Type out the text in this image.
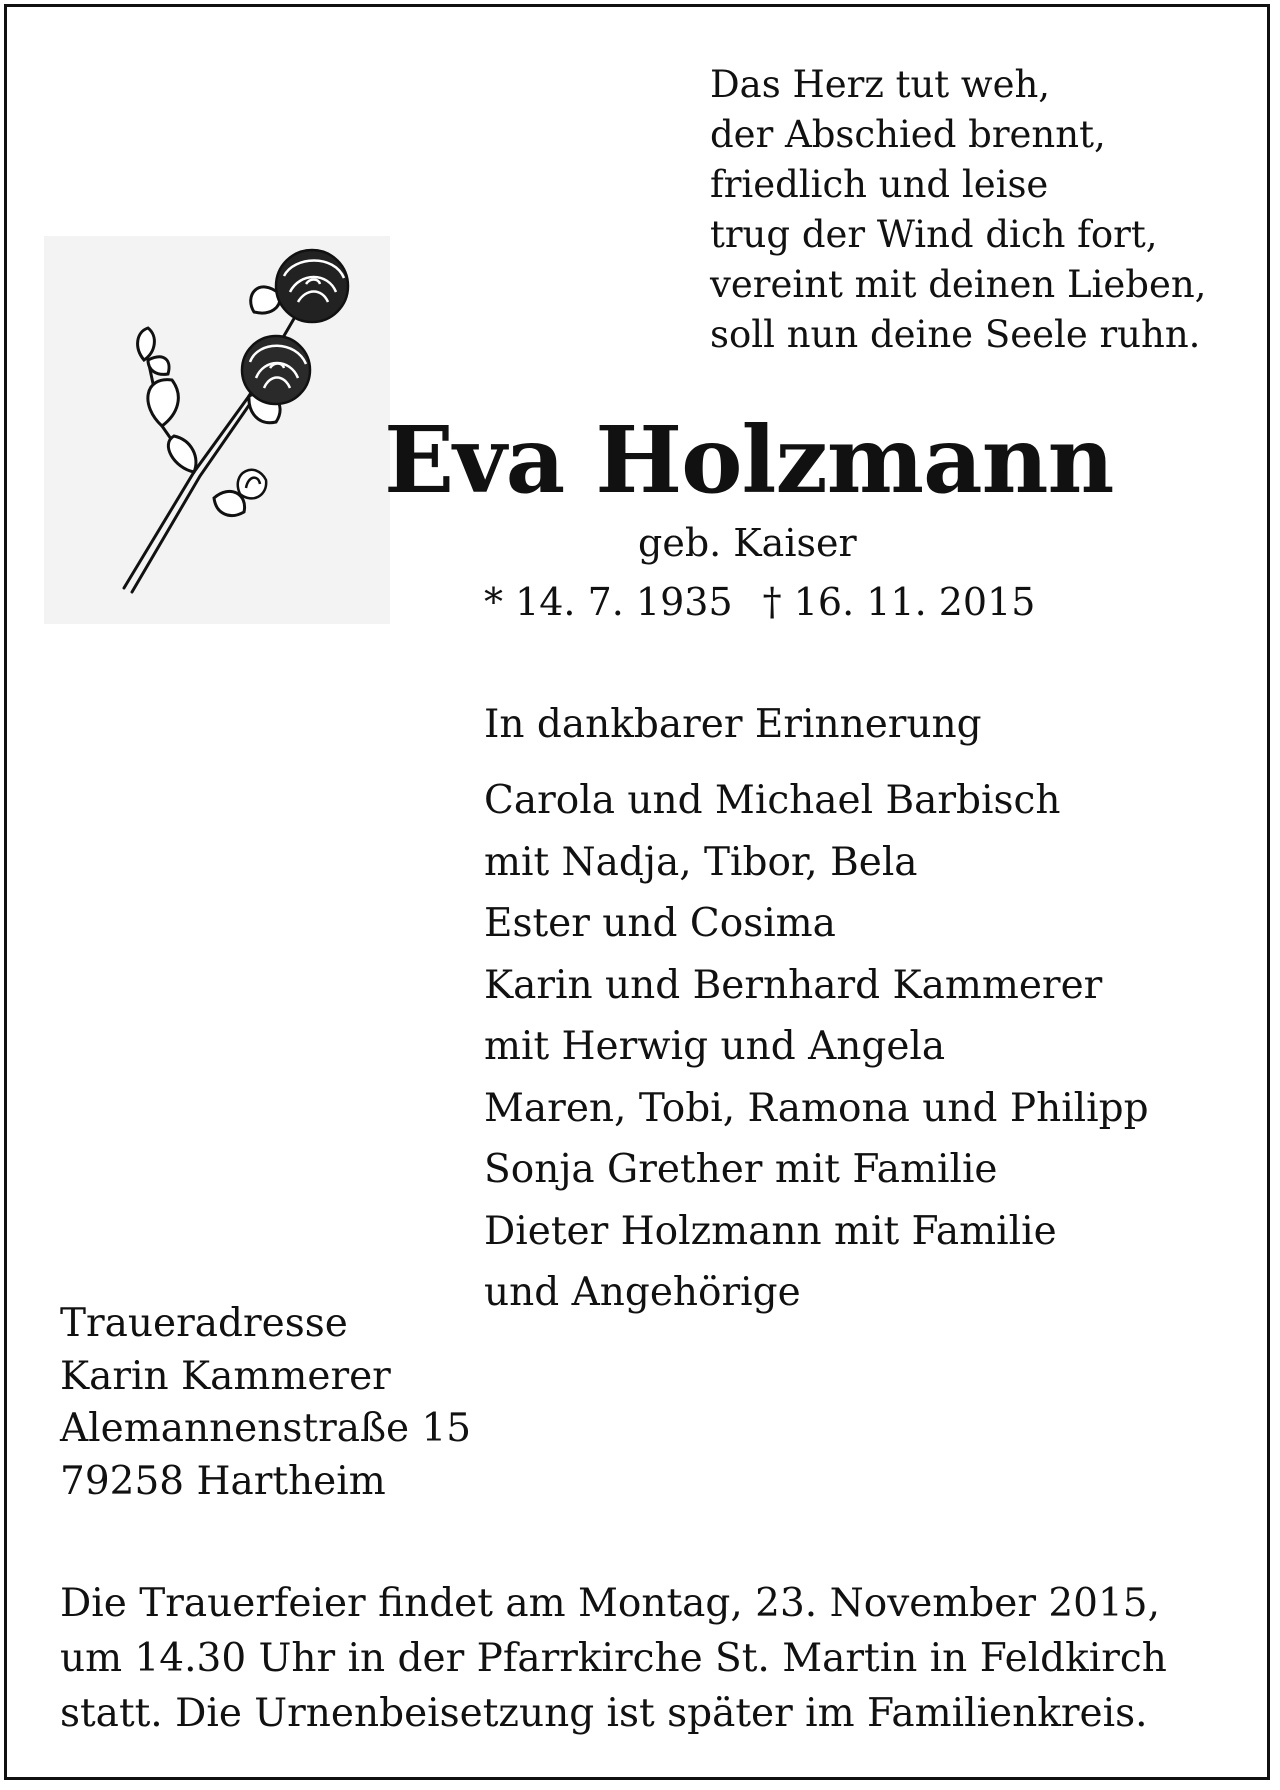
Das Herz tut weh,
der Abschied brennt,
friedlich und leise
trug der Wind dich fort,
vereint mit deinen Lieben,
soll nun deine Seele ruhn.
Eva Holzmann
geb. Kaiser
* 14. 7. 1935 † 16. 11. 2015
In dankbarer Erinnerung
Carola und Michael Barbisch
mit Nadja, Tibor, Bela
Ester und Cosima
Karin und Bernhard Kammerer
mit Herwig und Angela
Maren, Tobi, Ramona und Philipp
Sonja Grether mit Familie
Dieter Holzmann mit Familie
und Angehörige
Traueradresse
Karin Kammerer
Alemannenstraße 15
79258 Hartheim
Die Trauerfeier findet am Montag, 23. November 2015,
um 14.30 Uhr in der Pfarrkirche St. Martin in Feldkirch
statt. Die Urnenbeisetzung ist später im Familienkreis.
